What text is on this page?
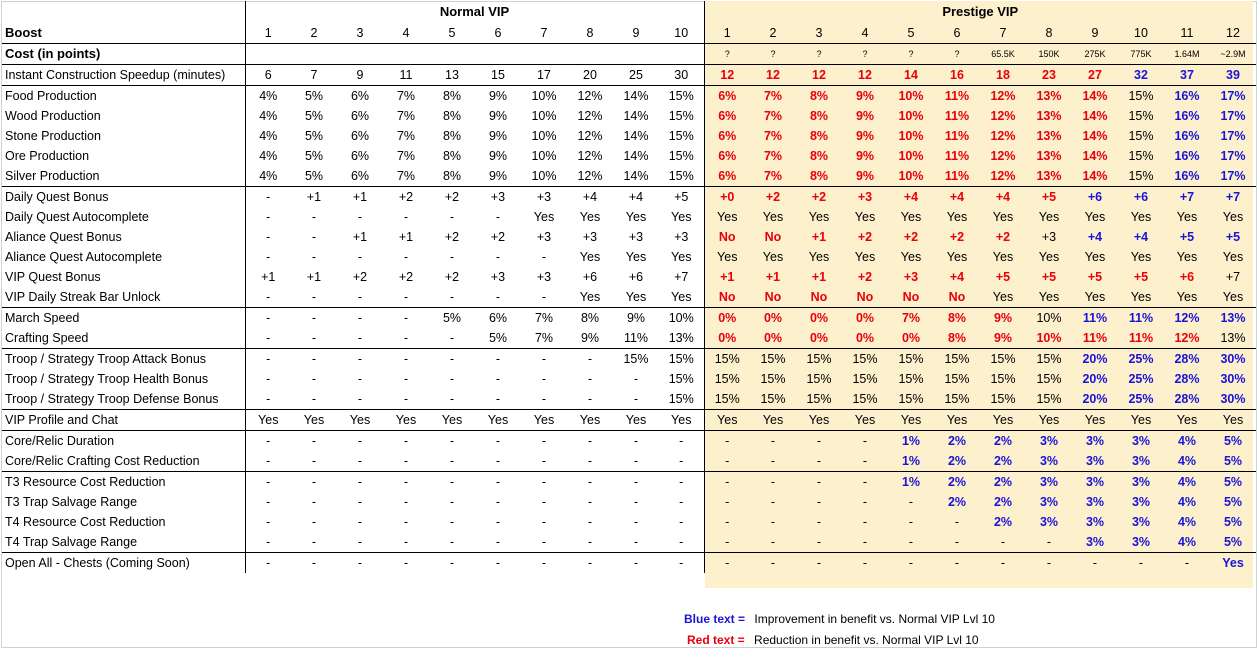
	Normal VIP										Prestige VIP											
Boost	1	2	3	4	5	6	7	8	9	10	1	2	3	4	5	6	7	8	9	10	11	12
Cost (in points)											?	?	?	?	?	?	65.5K	150K	275K	775K	1.64M	~2.9M
Instant Construction Speedup (minutes)	6	7	9	11	13	15	17	20	25	30	12	12	12	12	14	16	18	23	27	32	37	39
Food Production	4%	5%	6%	7%	8%	9%	10%	12%	14%	15%	6%	7%	8%	9%	10%	11%	12%	13%	14%	15%	16%	17%
Wood Production	4%	5%	6%	7%	8%	9%	10%	12%	14%	15%	6%	7%	8%	9%	10%	11%	12%	13%	14%	15%	16%	17%
Stone Production	4%	5%	6%	7%	8%	9%	10%	12%	14%	15%	6%	7%	8%	9%	10%	11%	12%	13%	14%	15%	16%	17%
Ore Production	4%	5%	6%	7%	8%	9%	10%	12%	14%	15%	6%	7%	8%	9%	10%	11%	12%	13%	14%	15%	16%	17%
Silver Production	4%	5%	6%	7%	8%	9%	10%	12%	14%	15%	6%	7%	8%	9%	10%	11%	12%	13%	14%	15%	16%	17%
Daily Quest Bonus	-	+1	+1	+2	+2	+3	+3	+4	+4	+5	+0	+2	+2	+3	+4	+4	+4	+5	+6	+6	+7	+7
Daily Quest Autocomplete	-	-	-	-	-	-	Yes	Yes	Yes	Yes	Yes	Yes	Yes	Yes	Yes	Yes	Yes	Yes	Yes	Yes	Yes	Yes
Aliance Quest Bonus	-	-	+1	+1	+2	+2	+3	+3	+3	+3	No	No	+1	+2	+2	+2	+2	+3	+4	+4	+5	+5
Aliance Quest Autocomplete	-	-	-	-	-	-	-	Yes	Yes	Yes	Yes	Yes	Yes	Yes	Yes	Yes	Yes	Yes	Yes	Yes	Yes	Yes
VIP Quest Bonus	+1	+1	+2	+2	+2	+3	+3	+6	+6	+7	+1	+1	+1	+2	+3	+4	+5	+5	+5	+5	+6	+7
VIP Daily Streak Bar Unlock	-	-	-	-	-	-	-	Yes	Yes	Yes	No	No	No	No	No	No	Yes	Yes	Yes	Yes	Yes	Yes
March Speed	-	-	-	-	5%	6%	7%	8%	9%	10%	0%	0%	0%	0%	7%	8%	9%	10%	11%	11%	12%	13%
Crafting Speed	-	-	-	-	-	5%	7%	9%	11%	13%	0%	0%	0%	0%	0%	8%	9%	10%	11%	11%	12%	13%
Troop / Strategy Troop Attack Bonus	-	-	-	-	-	-	-	-	15%	15%	15%	15%	15%	15%	15%	15%	15%	15%	20%	25%	28%	30%
Troop / Strategy Troop Health Bonus	-	-	-	-	-	-	-	-	-	15%	15%	15%	15%	15%	15%	15%	15%	15%	20%	25%	28%	30%
Troop / Strategy Troop Defense Bonus	-	-	-	-	-	-	-	-	-	15%	15%	15%	15%	15%	15%	15%	15%	15%	20%	25%	28%	30%
VIP Profile and Chat	Yes	Yes	Yes	Yes	Yes	Yes	Yes	Yes	Yes	Yes	Yes	Yes	Yes	Yes	Yes	Yes	Yes	Yes	Yes	Yes	Yes	Yes
Core/Relic Duration	-	-	-	-	-	-	-	-	-	-	-	-	-	-	1%	2%	2%	3%	3%	3%	4%	5%
Core/Relic Crafting Cost Reduction	-	-	-	-	-	-	-	-	-	-	-	-	-	-	1%	2%	2%	3%	3%	3%	4%	5%
T3 Resource Cost Reduction	-	-	-	-	-	-	-	-	-	-	-	-	-	-	1%	2%	2%	3%	3%	3%	4%	5%
T3 Trap Salvage Range	-	-	-	-	-	-	-	-	-	-	-	-	-	-	-	2%	2%	3%	3%	3%	4%	5%
T4 Resource Cost Reduction	-	-	-	-	-	-	-	-	-	-	-	-	-	-	-	-	2%	3%	3%	3%	4%	5%
T4 Trap Salvage Range	-	-	-	-	-	-	-	-	-	-	-	-	-	-	-	-	-	-	3%	3%	4%	5%
Open All - Chests (Coming Soon)	-	-	-	-	-	-	-	-	-	-	-	-	-	-	-	-	-	-	-	-	-	Yes
Blue text = Improvement in benefit vs. Normal VIP Lvl 10
Red text = Reduction in benefit vs. Normal VIP Lvl 10
